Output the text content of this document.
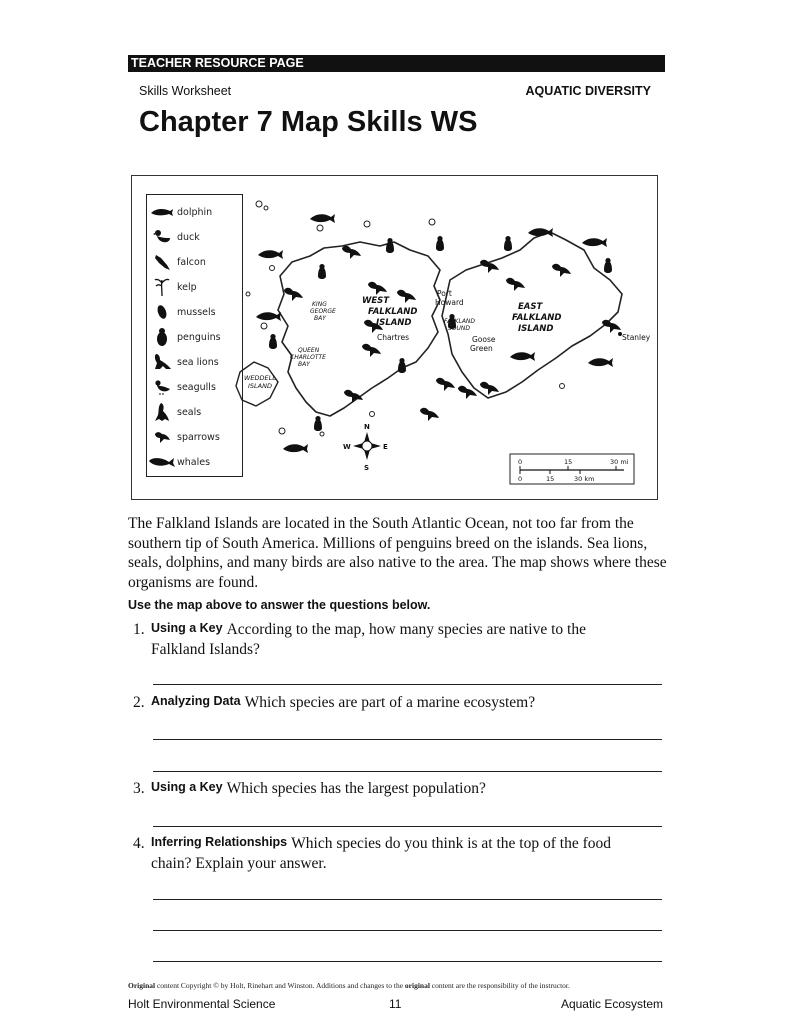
TEACHER RESOURCE PAGE
Skills Worksheet	AQUATIC DIVERSITY
Chapter 7 Map Skills WS
dolphin
duck
falcon
kelp
mussels
penguins
sea lions
seagulls
seals
sparrows
whales
WEST FALKLAND ISLAND
EAST FALKLAND ISLAND
KING GEORGE BAY
QUEEN CHARLOTTE BAY
WEDDELL ISLAND
Port Howard
FALKLAND SOUND
Chartres	Goose Green
Stanley
N
S
E
W
0	15	30 mi
0	15	30 km
The Falkland Islands are located in the South Atlantic Ocean, not too far from the southern tip of South America. Millions of penguins breed on the islands. Sea lions, seals, dolphins, and many birds are also native to the area. The map shows where these organisms are found.
Use the map above to answer the questions below.
1. Using a Key According to the map, how many species are native to the
Falkland Islands?
2. Analyzing Data Which species are part of a marine ecosystem?
3. Using a Key Which species has the largest population?
4. Inferring Relationships Which species do you think is at the top of the food
chain? Explain your answer.
Original content Copyright © by Holt, Rinehart and Winston. Additions and changes to the original content are the responsibility of the instructor.
Holt Environmental Science	11	Aquatic Ecosystem
